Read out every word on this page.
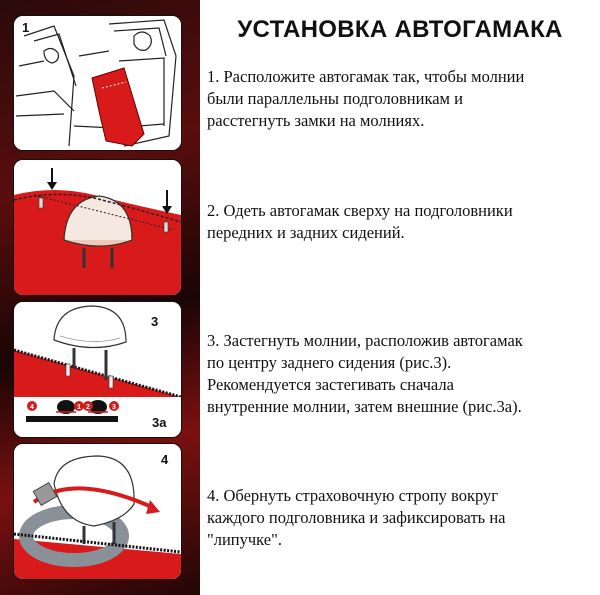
1
4	1 2	3
3
3a
4
УСТАНОВКА АВТОГАМАКА
1. Расположите автогамак так, чтобы молнии
были параллельны подголовникам и
расстегнуть замки на молниях.
2. Одеть автогамак сверху на подголовники
передних и задних сидений.
3. Застегнуть молнии, расположив автогамак
по центру заднего сидения (рис.3).
Рекомендуется застегивать сначала
внутренние молнии, затем внешние (рис.3а).
4. Обернуть страховочную стропу вокруг
каждого подголовника и зафиксировать на
"липучке".
